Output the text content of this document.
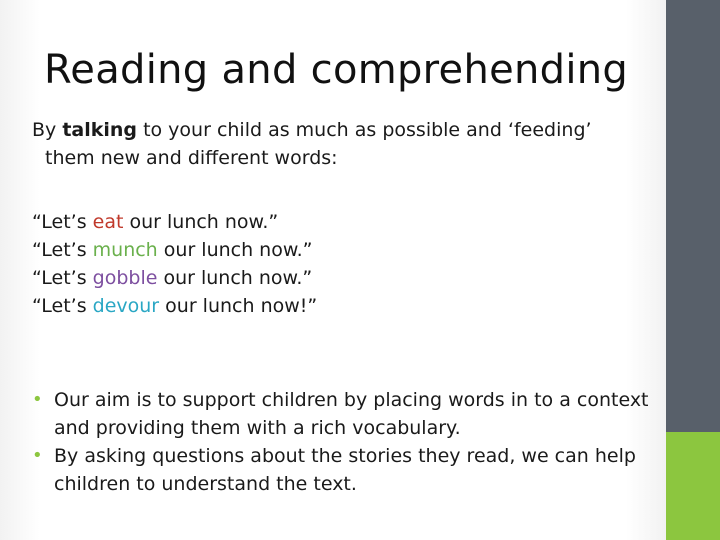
Reading and comprehending
By talking to your child as much as possible and ‘feeding’
them new and different words:
“Let’s eat our lunch now.”
“Let’s munch our lunch now.”
“Let’s gobble our lunch now.”
“Let’s devour our lunch now!”
• Our aim is to support children by placing words in to a context and providing them with a rich vocabulary.
• By asking questions about the stories they read, we can help children to understand the text.
